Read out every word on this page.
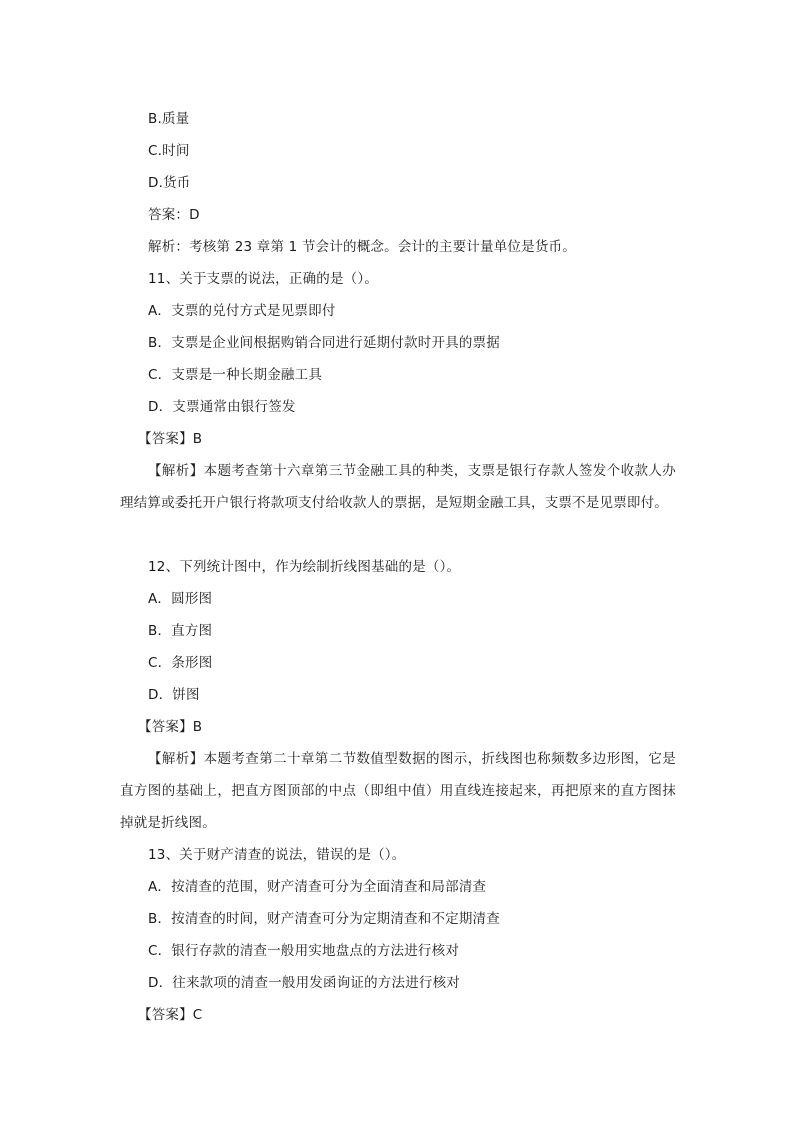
B.质量
C.时间
D.货币
答案：D
解析：考核第 23 章第 1 节会计的概念。会计的主要计量单位是货币。
11、关于支票的说法，正确的是（）。
A．支票的兑付方式是见票即付
B．支票是企业间根据购销合同进行延期付款时开具的票据
C．支票是一种长期金融工具
D．支票通常由银行签发
【答案】B
【解析】本题考查第十六章第三节金融工具的种类，支票是银行存款人签发个收款人办理结算或委托开户银行将款项支付给收款人的票据，是短期金融工具，支票不是见票即付。
12、下列统计图中，作为绘制折线图基础的是（）。
A．圆形图
B．直方图
C．条形图
D．饼图
【答案】B
【解析】本题考查第二十章第二节数值型数据的图示，折线图也称频数多边形图，它是直方图的基础上，把直方图顶部的中点（即组中值）用直线连接起来，再把原来的直方图抹掉就是折线图。
13、关于财产清查的说法，错误的是（）。
A．按清查的范围，财产清查可分为全面清查和局部清查
B．按清查的时间，财产清查可分为定期清查和不定期清查
C．银行存款的清查一般用实地盘点的方法进行核对
D．往来款项的清查一般用发函询证的方法进行核对
【答案】C
